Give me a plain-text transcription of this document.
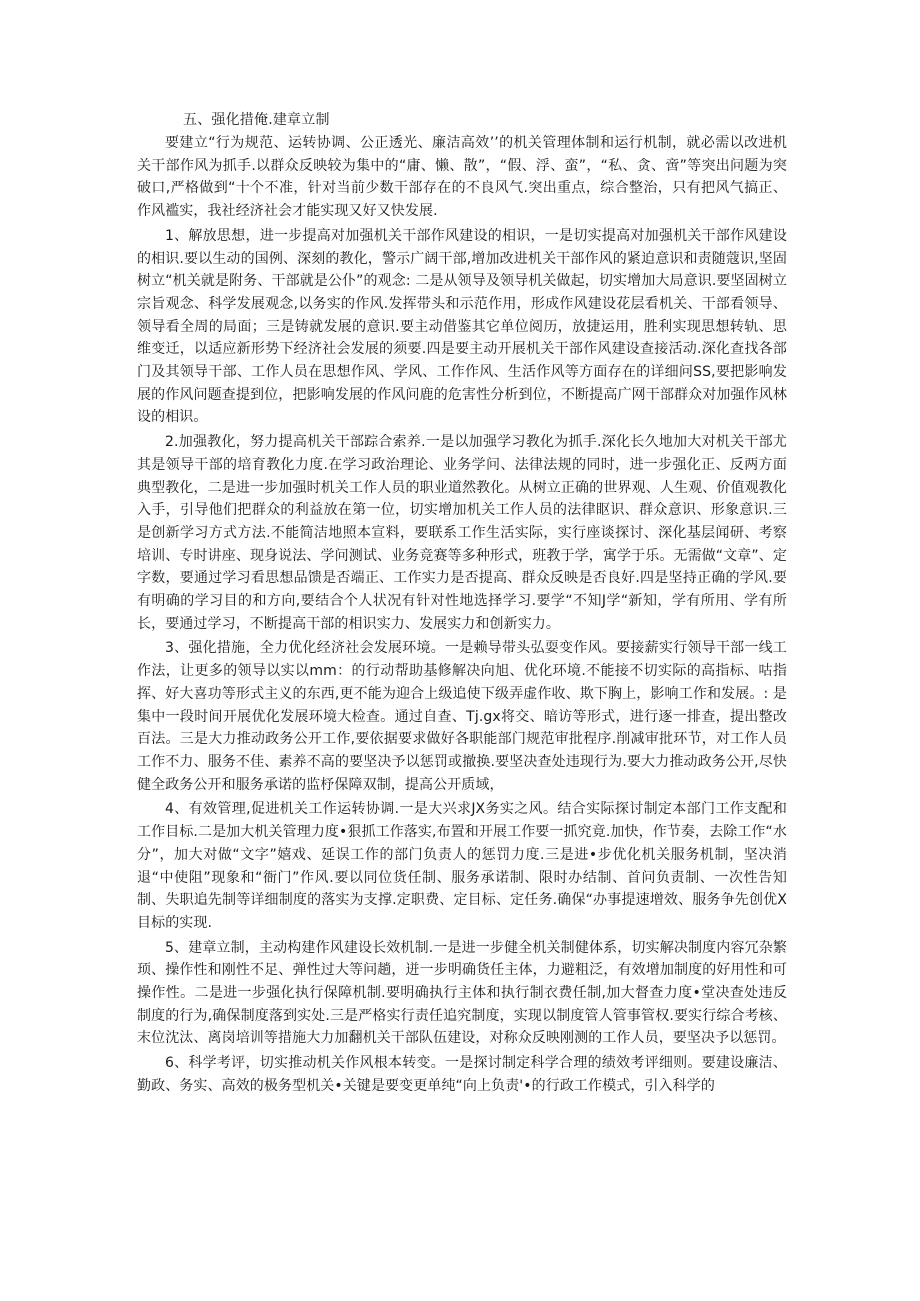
五、强化措俺.建章立制

要建立“行为规范、运转协调、公正透光、廉洁高效’’的机关管理体制和运行机制，就必需以改进机关干部作风为抓手.以群众反映较为集中的“庸、懒、散”，“假、浮、蛮”，“私、贪、啻”等突出问题为突破口,严格做到“十个不准，针对当前少数干部存在的不良风气.突出重点，综合整治，只有把风气搞正、作风褴实，我社经济社会才能实现又好又快发展.

1、解放思想，进一步提高对加强机关干部作风建设的相识，一是切实提高对加强机关干部作风建设的相识.要以生动的国例、深刻的教化，警示广阔干部,增加改进机关干部作风的紧迫意识和责随蔻识,坚固树立“机关就是附务、干部就是公仆”的观念: 二是从领导及领导机关做起，切实增加大局意识.要坚固树立宗旨观念、科学发展观念,以务实的作风.发挥带头和示范作用，形成作风建设花层看机关、干部看领导、领导看全周的局面；三是铸就发展的意识.要主动借鉴其它单位阅历，放捷运用，胜利实现思想转轨、思维变迁，以适应新形势下经济社会发展的须要.四是要主动开展机关干部作风建设查接活动.深化查找各部门及其领导干部、工作人员在思想作风、学风、工作作风、生活作风等方面存在的详细问SS,要把影响发展的作风问题查提到位，把影响发展的作风问鹿的危害性分析到位，不断提高广网干部群众对加强作风林设的相识。

2.加强教化，努力提高机关干部踪合索养.一是以加强学习教化为抓手.深化长久地加大对机关干部尤其是领导干部的培育教化力度.在学习政治理论、业务学问、法律法规的同时，进一步强化正、反两方面典型教化，二是进一步加强时机关工作人员的职业道然教化。从树立正确的世界观、人生观、价值观教化入手，引导他们把群众的利益放在第一位，切实增加机关工作人员的法律眍识、群众意识、形象意识.三是创新学习方式方法.不能简洁地照本宣料，要联系工作生活实际，实行座谈探讨、深化基层闻研、考察培训、专时讲座、现身说法、学问测试、业务竞赛等多种形式，班教于学，寓学于乐。无需做“文章”、定字数，要通过学习看思想品馈是否端正、工作实力是否提高、群众反映是否良好.四是坚持正确的学风.要有明确的学习目的和方向,要结合个人状况有针对性地选择学习.要学“不知J学“新知，学有所用、学有所长，要通过学习，不断提高干部的相识实力、发展实力和创新实力。

3、强化措施，全力优化经济社会发展环境。一是赖导带头弘耍变作风。要接薪实行领导干部一线工作法，让更多的领导以实以mm：的行动帮助基修解决向旭、优化环境.不能接不切实际的高指标、咕指挥、好大喜功等形式主义的东西,更不能为迎合上级追使下级弄虚作收、欺下胸上，影响工作和发展。: 是集中一段时间开展优化发展环境大检查。通过自查、Tj.gx将交、暗访等形式，进行逐一排查，提出整改百法。三是大力推动政务公开工作,要依据要求做好各职能部门规范审批程序.削减审批环节，对工作人员工作不力、服务不佳、素养不高的要坚决予以惩罚或撤换.要坚决查处违现行为.要大力推动政务公开,尽快健全政务公开和服务承诺的监杼保障双制，提高公开质域，

4、有效管理,促进机关工作运转协调.一是大兴求JX务实之风。结合实际探讨制定本部门工作支配和工作目标.二是加大机关管理力度•狠抓工作落实,布置和开展工作要一抓究竟.加快，作节奏，去除工作“水分”，加大对做“文字”嬉戏、延误工作的部门负责人的惩罚力度.三是进•步优化机关服务机制，坚决消退“中使阻”现象和“衙门”作风.要以同位货任制、服务承诺制、限时办结制、首问负责制、一次性告知制、失职追先制等详细制度的落实为支撑.定职费、定目标、定任务.确保“办事提速增效、服务争先创优X目标的实现.

5、建章立制，主动构建作风建设长效机制.一是进一步健全机关制健体系，切实解决制度内容冗杂繁顼、操作性和刚性不足、弹性过大等问趟，迸一步明确货任主体，力避粗泛，有效增加制度的好用性和可操作性。二是进一步强化执行保障机制.要明确执行主体和执行制衣费任制,加大督查力度•堂决查处违反制度的行为,确保制度落到实处.三是严格实行责任追究制度，实现以制度管人管事管权.要实行综合考核、末位沈汰、离岗培训等措施大力加翻机关干部队伍建设，对称众反映刚测的工作人员，要坚决予以惩罚。

6、科学考评，切实推动机关作风根本转变。一是探讨制定科学合理的绩效考评细则。要建设廉洁、勤政、务实、高效的极务型机关•关键是要变更单纯“向上负责'•的行政工作模式，引入科学的
